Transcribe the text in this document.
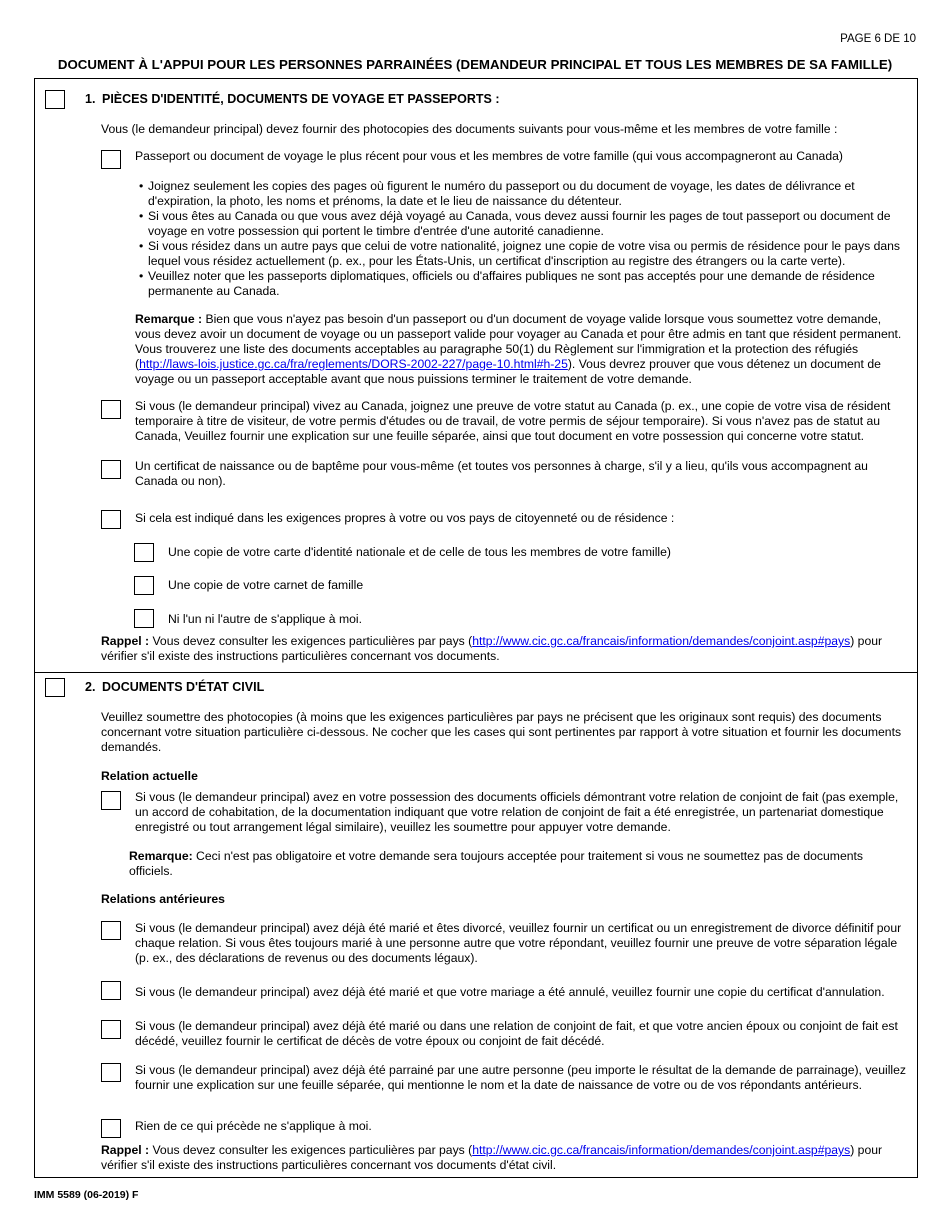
PAGE 6 DE 10
DOCUMENT À L'APPUI POUR LES PERSONNES PARRAINÉES (DEMANDEUR PRINCIPAL ET TOUS LES MEMBRES DE SA FAMILLE)
1. PIÈCES D'IDENTITÉ, DOCUMENTS DE VOYAGE ET PASSEPORTS :
Vous (le demandeur principal) devez fournir des photocopies des documents suivants pour vous-même et les membres de votre famille :
Passeport ou document de voyage le plus récent pour vous et les membres de votre famille (qui vous accompagneront au Canada)
• Joignez seulement les copies des pages où figurent le numéro du passeport ou du document de voyage, les dates de délivrance et d'expiration, la photo, les noms et prénoms, la date et le lieu de naissance du détenteur.
• Si vous êtes au Canada ou que vous avez déjà voyagé au Canada, vous devez aussi fournir les pages de tout passeport ou document de voyage en votre possession qui portent le timbre d'entrée d'une autorité canadienne.
• Si vous résidez dans un autre pays que celui de votre nationalité, joignez une copie de votre visa ou permis de résidence pour le pays dans lequel vous résidez actuellement (p. ex., pour les États-Unis, un certificat d'inscription au registre des étrangers ou la carte verte).
• Veuillez noter que les passeports diplomatiques, officiels ou d'affaires publiques ne sont pas acceptés pour une demande de résidence permanente au Canada.
Remarque : Bien que vous n'ayez pas besoin d'un passeport ou d'un document de voyage valide lorsque vous soumettez votre demande, vous devez avoir un document de voyage ou un passeport valide pour voyager au Canada et pour être admis en tant que résident permanent. Vous trouverez une liste des documents acceptables au paragraphe 50(1) du Règlement sur l'immigration et la protection des réfugiés (http://laws-lois.justice.gc.ca/fra/reglements/DORS-2002-227/page-10.html#h-25). Vous devrez prouver que vous détenez un document de voyage ou un passeport acceptable avant que nous puissions terminer le traitement de votre demande.
Si vous (le demandeur principal) vivez au Canada, joignez une preuve de votre statut au Canada (p. ex., une copie de votre visa de résident temporaire à titre de visiteur, de votre permis d'études ou de travail, de votre permis de séjour temporaire). Si vous n'avez pas de statut au Canada, Veuillez fournir une explication sur une feuille séparée, ainsi que tout document en votre possession qui concerne votre statut.
Un certificat de naissance ou de baptême pour vous-même (et toutes vos personnes à charge, s'il y a lieu, qu'ils vous accompagnent au Canada ou non).
Si cela est indiqué dans les exigences propres à votre ou vos pays de citoyenneté ou de résidence :
Une copie de votre carte d'identité nationale et de celle de tous les membres de votre famille)
Une copie de votre carnet de famille
Ni l'un ni l'autre de s'applique à moi.
Rappel : Vous devez consulter les exigences particulières par pays (http://www.cic.gc.ca/francais/information/demandes/conjoint.asp#pays) pour vérifier s'il existe des instructions particulières concernant vos documents.
2. DOCUMENTS D'ÉTAT CIVIL
Veuillez soumettre des photocopies (à moins que les exigences particulières par pays ne précisent que les originaux sont requis) des documents concernant votre situation particulière ci-dessous. Ne cocher que les cases qui sont pertinentes par rapport à votre situation et fournir les documents demandés.
Relation actuelle
Si vous (le demandeur principal) avez en votre possession des documents officiels démontrant votre relation de conjoint de fait (pas exemple, un accord de cohabitation, de la documentation indiquant que votre relation de conjoint de fait a été enregistrée, un partenariat domestique enregistré ou tout arrangement légal similaire), veuillez les soumettre pour appuyer votre demande.
Remarque: Ceci n'est pas obligatoire et votre demande sera toujours acceptée pour traitement si vous ne soumettez pas de documents officiels.
Relations antérieures
Si vous (le demandeur principal) avez déjà été marié et êtes divorcé, veuillez fournir un certificat ou un enregistrement de divorce définitif pour chaque relation. Si vous êtes toujours marié à une personne autre que votre répondant, veuillez fournir une preuve de votre séparation légale (p. ex., des déclarations de revenus ou des documents légaux).
Si vous (le demandeur principal) avez déjà été marié et que votre mariage a été annulé, veuillez fournir une copie du certificat d'annulation.
Si vous (le demandeur principal) avez déjà été marié ou dans une relation de conjoint de fait, et que votre ancien époux ou conjoint de fait est décédé, veuillez fournir le certificat de décès de votre époux ou conjoint de fait décédé.
Si vous (le demandeur principal) avez déjà été parrainé par une autre personne (peu importe le résultat de la demande de parrainage), veuillez fournir une explication sur une feuille séparée, qui mentionne le nom et la date de naissance de votre ou de vos répondants antérieurs.
Rien de ce qui précède ne s'applique à moi.
Rappel : Vous devez consulter les exigences particulières par pays (http://www.cic.gc.ca/francais/information/demandes/conjoint.asp#pays) pour vérifier s'il existe des instructions particulières concernant vos documents d'état civil.
IMM 5589 (06-2019) F
